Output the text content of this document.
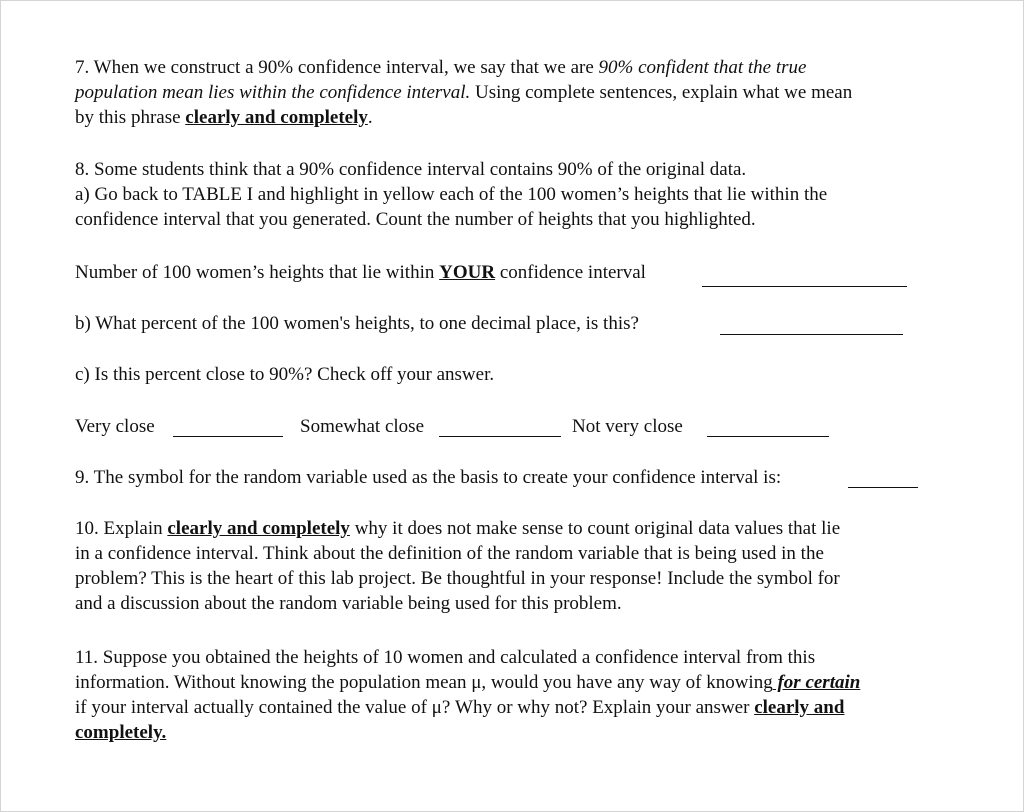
7. When we construct a 90% confidence interval, we say that we are 90% confident that the true
population mean lies within the confidence interval. Using complete sentences, explain what we mean
by this phrase clearly and completely.
8. Some students think that a 90% confidence interval contains 90% of the original data.
a) Go back to TABLE I and highlight in yellow each of the 100 women’s heights that lie within the
confidence interval that you generated. Count the number of heights that you highlighted.
Number of 100 women’s heights that lie within YOUR confidence interval
b) What percent of the 100 women's heights, to one decimal place, is this?
c) Is this percent close to 90%? Check off your answer.
Very close	Somewhat close	Not very close
9. The symbol for the random variable used as the basis to create your confidence interval is:
10. Explain clearly and completely why it does not make sense to count original data values that lie
in a confidence interval. Think about the definition of the random variable that is being used in the
problem? This is the heart of this lab project. Be thoughtful in your response! Include the symbol for
and a discussion about the random variable being used for this problem.
11. Suppose you obtained the heights of 10 women and calculated a confidence interval from this
information. Without knowing the population mean μ, would you have any way of knowing for certain
if your interval actually contained the value of μ? Why or why not? Explain your answer clearly and
completely.
